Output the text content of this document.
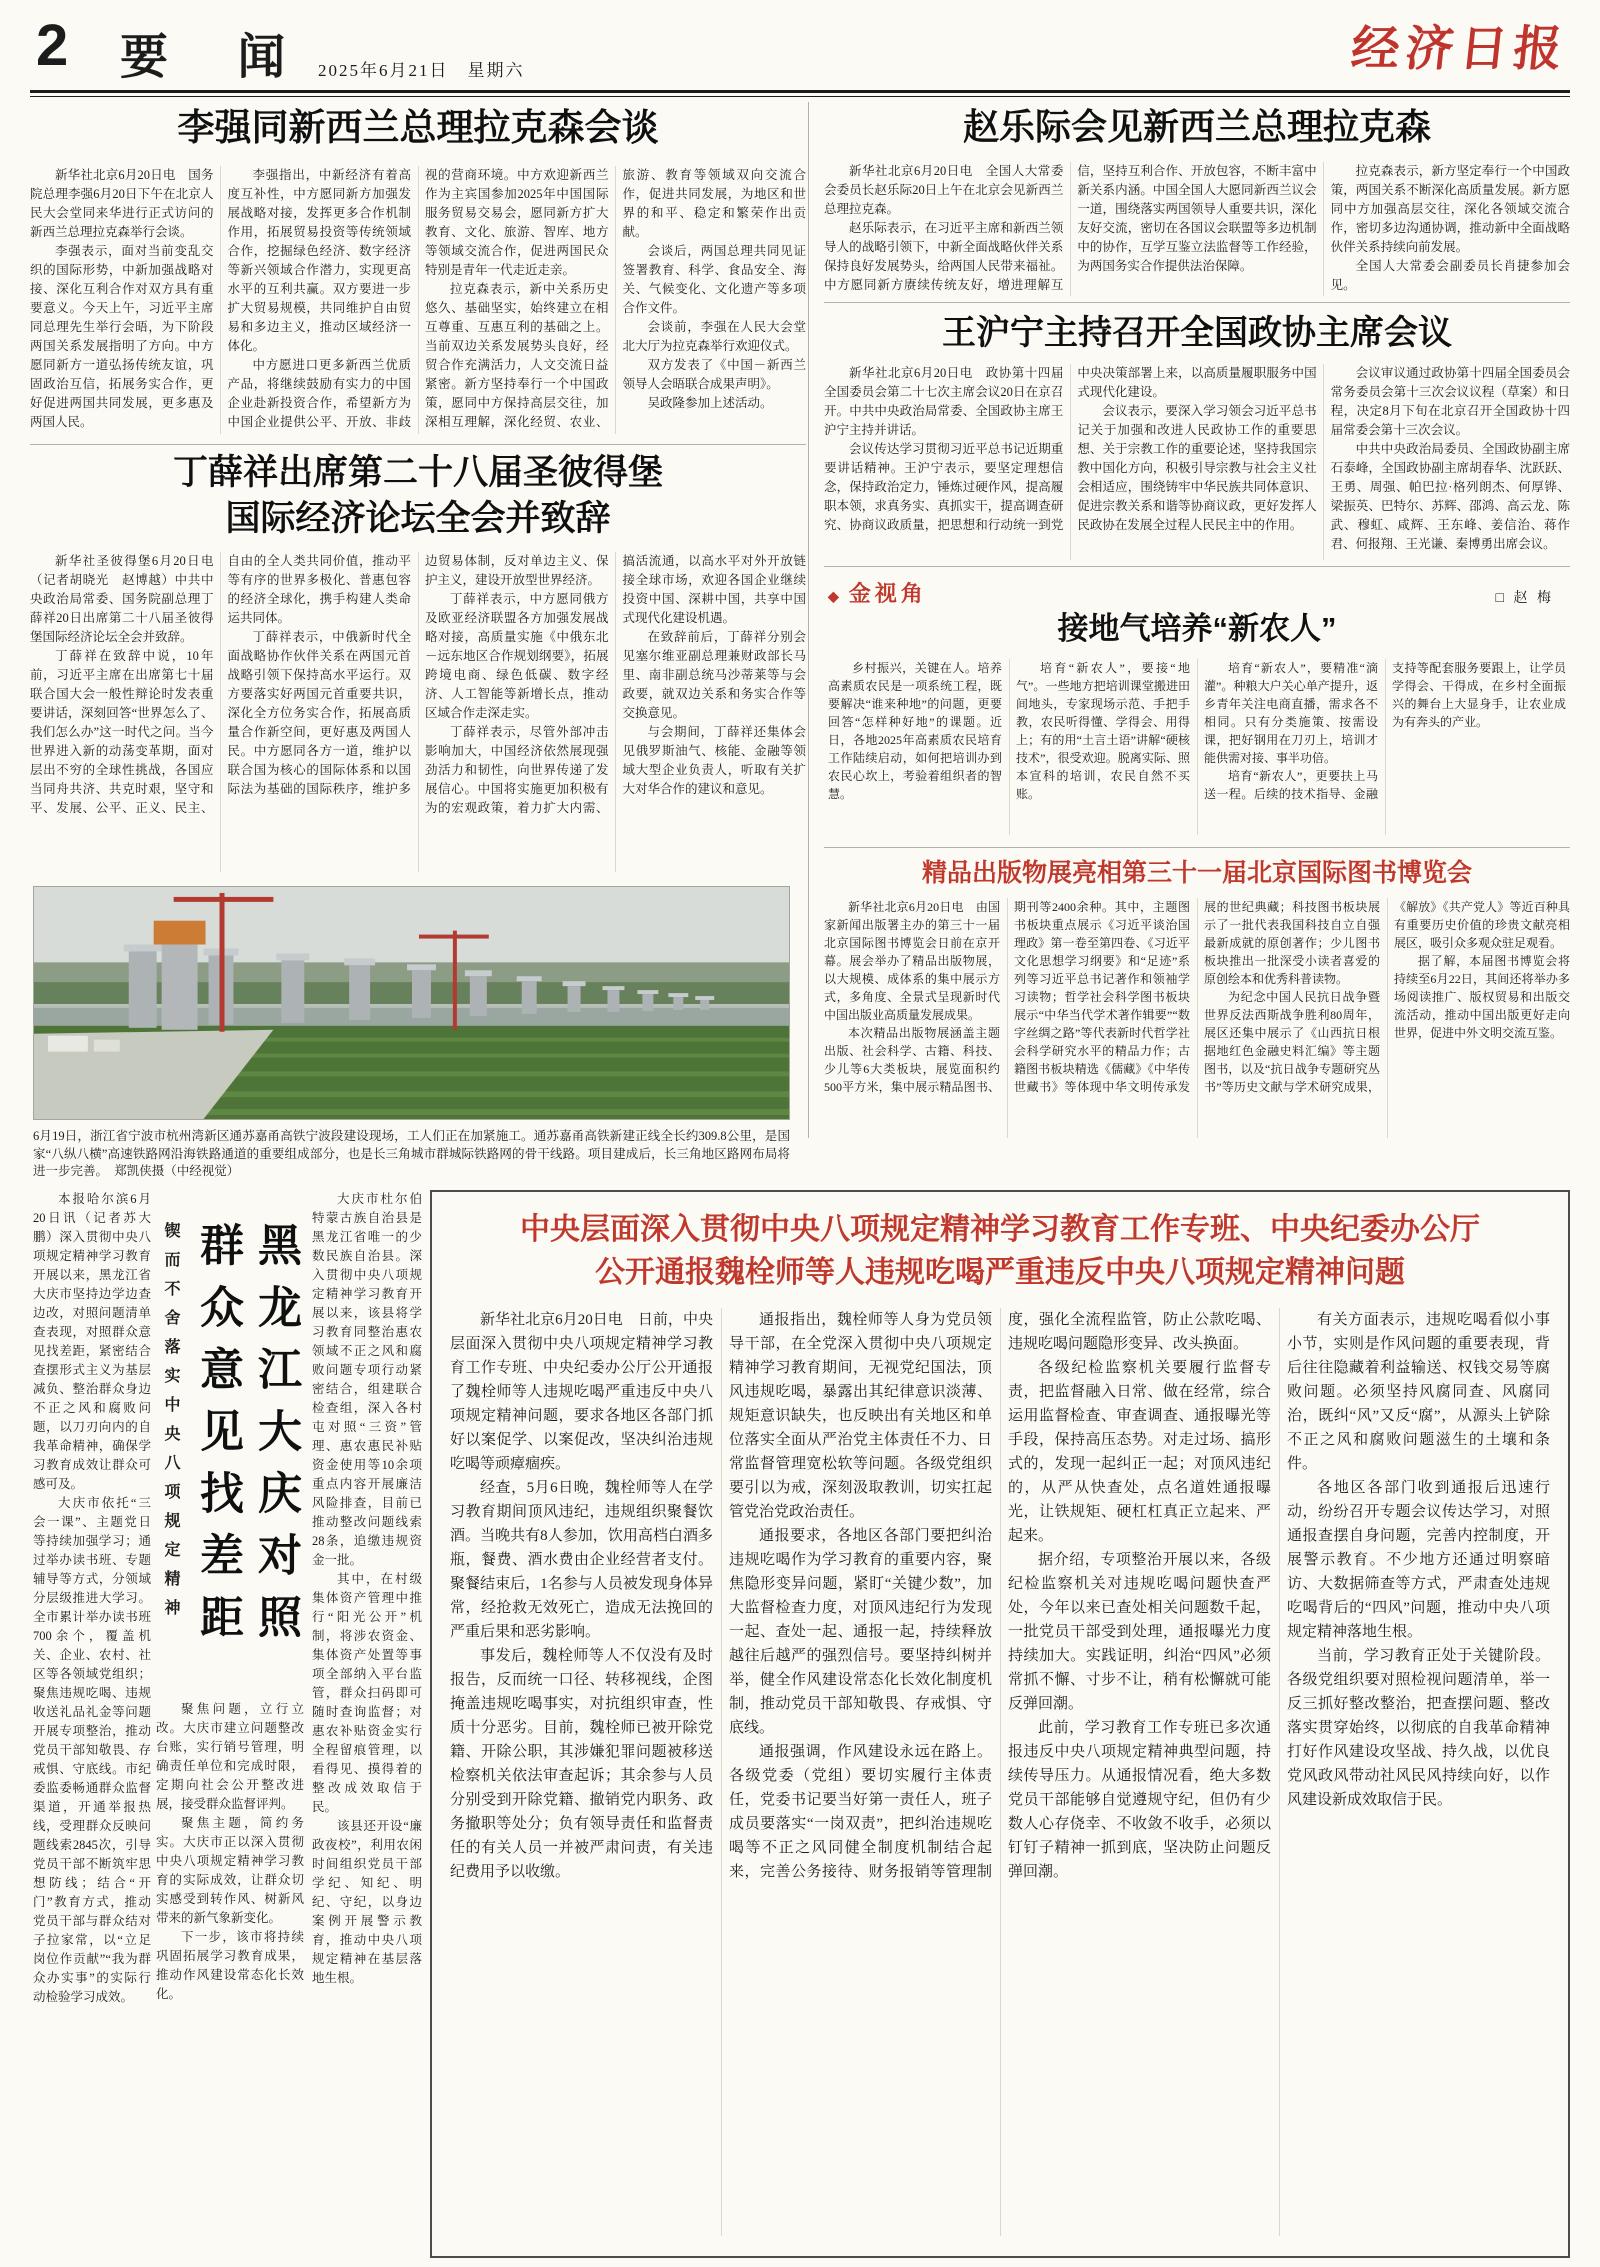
2 要 闻 2025年6月21日　星期六	经济日报
李强同新西兰总理拉克森会谈

新华社北京6月20日电　国务院总理李强6月20日下午在北京人民大会堂同来华进行正式访问的新西兰总理拉克森举行会谈。

李强表示，面对当前变乱交织的国际形势，中新加强战略对接、深化互利合作对双方具有重要意义。今天上午，习近平主席同总理先生举行会晤，为下阶段两国关系发展指明了方向。中方愿同新方一道弘扬传统友谊，巩固政治互信，拓展务实合作，更好促进两国共同发展，更多惠及两国人民。

李强指出，中新经济有着高度互补性，中方愿同新方加强发展战略对接，发挥更多合作机制作用，拓展贸易投资等传统领域合作，挖掘绿色经济、数字经济等新兴领域合作潜力，实现更高水平的互利共赢。双方要进一步扩大贸易规模，共同维护自由贸易和多边主义，推动区域经济一体化。

中方愿进口更多新西兰优质产品，将继续鼓励有实力的中国企业赴新投资合作，希望新方为中国企业提供公平、开放、非歧视的营商环境。中方欢迎新西兰作为主宾国参加2025年中国国际服务贸易交易会，愿同新方扩大教育、文化、旅游、智库、地方等领域交流合作，促进两国民众特别是青年一代走近走亲。

拉克森表示，新中关系历史悠久、基础坚实，始终建立在相互尊重、互惠互利的基础之上。当前双边关系发展势头良好，经贸合作充满活力，人文交流日益紧密。新方坚持奉行一个中国政策，愿同中方保持高层交往，加深相互理解，深化经贸、农业、旅游、教育等领域双向交流合作，促进共同发展，为地区和世界的和平、稳定和繁荣作出贡献。

会谈后，两国总理共同见证签署教育、科学、食品安全、海关、气候变化、文化遗产等多项合作文件。

会谈前，李强在人民大会堂北大厅为拉克森举行欢迎仪式。

双方发表了《中国－新西兰领导人会晤联合成果声明》。

吴政隆参加上述活动。

赵乐际会见新西兰总理拉克森

新华社北京6月20日电　全国人大常委会委员长赵乐际20日上午在北京会见新西兰总理拉克森。

赵乐际表示，在习近平主席和新西兰领导人的战略引领下，中新全面战略伙伴关系保持良好发展势头，给两国人民带来福祉。中方愿同新方赓续传统友好，增进理解互信，坚持互利合作、开放包容，不断丰富中新关系内涵。中国全国人大愿同新西兰议会一道，围绕落实两国领导人重要共识，深化友好交流，密切在各国议会联盟等多边机制中的协作，互学互鉴立法监督等工作经验，为两国务实合作提供法治保障。

拉克森表示，新方坚定奉行一个中国政策，两国关系不断深化高质量发展。新方愿同中方加强高层交往，深化各领域交流合作，密切多边沟通协调，推动新中全面战略伙伴关系持续向前发展。

全国人大常委会副委员长肖捷参加会见。

王沪宁主持召开全国政协主席会议

新华社北京6月20日电　政协第十四届全国委员会第二十七次主席会议20日在京召开。中共中央政治局常委、全国政协主席王沪宁主持并讲话。

会议传达学习贯彻习近平总书记近期重要讲话精神。王沪宁表示，要坚定理想信念，保持政治定力，锤炼过硬作风，提高履职本领，求真务实、真抓实干，提高调查研究、协商议政质量，把思想和行动统一到党中央决策部署上来，以高质量履职服务中国式现代化建设。

会议表示，要深入学习领会习近平总书记关于加强和改进人民政协工作的重要思想、关于宗教工作的重要论述，坚持我国宗教中国化方向，积极引导宗教与社会主义社会相适应，围绕铸牢中华民族共同体意识、促进宗教关系和谐等协商议政，更好发挥人民政协在发展全过程人民民主中的作用。

会议审议通过政协第十四届全国委员会常务委员会第十三次会议议程（草案）和日程，决定8月下旬在北京召开全国政协十四届常委会第十三次会议。

中共中央政治局委员、全国政协副主席石泰峰，全国政协副主席胡春华、沈跃跃、王勇、周强、帕巴拉·格列朗杰、何厚铧、梁振英、巴特尔、苏辉、邵鸿、高云龙、陈武、穆虹、咸辉、王东峰、姜信治、蒋作君、何报翔、王光谦、秦博勇出席会议。

◆ 金视角	□ 赵 梅
接地气培养“新农人”

乡村振兴，关键在人。培养高素质农民是一项系统工程，既要解决“谁来种地”的问题，更要回答“怎样种好地”的课题。近日，各地2025年高素质农民培育工作陆续启动，如何把培训办到农民心坎上，考验着组织者的智慧。

培育“新农人”，要接“地气”。一些地方把培训课堂搬进田间地头，专家现场示范、手把手教，农民听得懂、学得会、用得上；有的用“土言土语”讲解“硬核技术”，很受欢迎。脱离实际、照本宣科的培训，农民自然不买账。

培育“新农人”，要精准“滴灌”。种粮大户关心单产提升，返乡青年关注电商直播，需求各不相同。只有分类施策、按需设课，把好钢用在刀刃上，培训才能供需对接、事半功倍。

培育“新农人”，更要扶上马送一程。后续的技术指导、金融支持等配套服务要跟上，让学员学得会、干得成，在乡村全面振兴的舞台上大显身手，让农业成为有奔头的产业。

精品出版物展亮相第三十一届北京国际图书博览会

新华社北京6月20日电　由国家新闻出版署主办的第三十一届北京国际图书博览会日前在京开幕。展会举办了精品出版物展，以大规模、成体系的集中展示方式，多角度、全景式呈现新时代中国出版业高质量发展成果。

本次精品出版物展涵盖主题出版、社会科学、古籍、科技、少儿等6大类板块，展览面积约500平方米，集中展示精品图书、期刊等2400余种。其中，主题图书板块重点展示《习近平谈治国理政》第一卷至第四卷、《习近平文化思想学习纲要》和“足迹”系列等习近平总书记著作和领袖学习读物；哲学社会科学图书板块展示“中华当代学术著作辑要”“数字丝绸之路”等代表新时代哲学社会科学研究水平的精品力作；古籍图书板块精选《儒藏》《中华传世藏书》等体现中华文明传承发展的世纪典藏；科技图书板块展示了一批代表我国科技自立自强最新成就的原创著作；少儿图书板块推出一批深受小读者喜爱的原创绘本和优秀科普读物。

为纪念中国人民抗日战争暨世界反法西斯战争胜利80周年，展区还集中展示了《山西抗日根据地红色金融史料汇编》等主题图书，以及“抗日战争专题研究丛书”等历史文献与学术研究成果，《解放》《共产党人》等近百种具有重要历史价值的珍贵文献亮相展区，吸引众多观众驻足观看。

据了解，本届图书博览会将持续至6月22日，其间还将举办多场阅读推广、版权贸易和出版交流活动，推动中国出版更好走向世界，促进中外文明交流互鉴。

丁薛祥出席第二十八届圣彼得堡
国际经济论坛全会并致辞

新华社圣彼得堡6月20日电（记者胡晓光　赵博越）中共中央政治局常委、国务院副总理丁薛祥20日出席第二十八届圣彼得堡国际经济论坛全会并致辞。

丁薛祥在致辞中说，10年前，习近平主席在出席第七十届联合国大会一般性辩论时发表重要讲话，深刻回答“世界怎么了、我们怎么办”这一时代之问。当今世界进入新的动荡变革期，面对层出不穷的全球性挑战，各国应当同舟共济、共克时艰，坚守和平、发展、公平、正义、民主、自由的全人类共同价值，推动平等有序的世界多极化、普惠包容的经济全球化，携手构建人类命运共同体。

丁薛祥表示，中俄新时代全面战略协作伙伴关系在两国元首战略引领下保持高水平运行。双方要落实好两国元首重要共识，深化全方位务实合作，拓展高质量合作新空间，更好惠及两国人民。中方愿同各方一道，维护以联合国为核心的国际体系和以国际法为基础的国际秩序，维护多边贸易体制，反对单边主义、保护主义，建设开放型世界经济。

丁薛祥表示，中方愿同俄方及欧亚经济联盟各方加强发展战略对接，高质量实施《中俄东北－远东地区合作规划纲要》，拓展跨境电商、绿色低碳、数字经济、人工智能等新增长点，推动区域合作走深走实。

丁薛祥表示，尽管外部冲击影响加大，中国经济依然展现强劲活力和韧性，向世界传递了发展信心。中国将实施更加积极有为的宏观政策，着力扩大内需、搞活流通，以高水平对外开放链接全球市场，欢迎各国企业继续投资中国、深耕中国，共享中国式现代化建设机遇。

在致辞前后，丁薛祥分别会见塞尔维亚副总理兼财政部长马里、南非副总统马沙蒂莱等与会政要，就双边关系和务实合作等交换意见。

与会期间，丁薛祥还集体会见俄罗斯油气、核能、金融等领域大型企业负责人，听取有关扩大对华合作的建议和意见。

6月19日，浙江省宁波市杭州湾新区通苏嘉甬高铁宁波段建设现场，工人们正在加紧施工。通苏嘉甬高铁新建正线全长约309.8公里，是国家“八纵八横”高速铁路网沿海铁路通道的重要组成部分，也是长三角城市群城际铁路网的骨干线路。项目建成后，长三角地区路网布局将进一步完善。　郑凯侠摄（中经视觉）

本报哈尔滨6月20日讯（记者苏大鹏）深入贯彻中央八项规定精神学习教育开展以来，黑龙江省大庆市坚持边学边查边改，对照问题清单查表现，对照群众意见找差距，紧密结合查摆形式主义为基层减负、整治群众身边不正之风和腐败问题，以刀刃向内的自我革命精神，确保学习教育成效让群众可感可及。

大庆市依托“三会一课”、主题党日等持续加强学习；通过举办读书班、专题辅导等方式，分领域分层级推进大学习。全市累计举办读书班700余个，覆盖机关、企业、农村、社区等各领域党组织；聚焦违规吃喝、违规收送礼品礼金等问题开展专项整治，推动党员干部知敬畏、存戒惧、守底线。市纪委监委畅通群众监督渠道，开通举报热线，受理群众反映问题线索2845次，引导党员干部不断筑牢思想防线；结合“开门”教育方式，推动党员干部与群众结对子拉家常，以“立足岗位作贡献”“我为群众办实事”的实际行动检验学习成效。

锲而不舍落实中央八项规定精神	黑龙江大庆对照群众意见找差距

聚焦问题，立行立改。大庆市建立问题整改台账，实行销号管理，明确责任单位和完成时限，定期向社会公开整改进展，接受群众监督评判。

聚焦主题，简约务实。大庆市正以深入贯彻中央八项规定精神学习教育的实际成效，让群众切实感受到转作风、树新风带来的新气象新变化。

下一步，该市将持续巩固拓展学习教育成果，推动作风建设常态化长效化。

大庆市杜尔伯特蒙古族自治县是黑龙江省唯一的少数民族自治县。深入贯彻中央八项规定精神学习教育开展以来，该县将学习教育同整治惠农领域不正之风和腐败问题专项行动紧密结合，组建联合检查组，深入各村屯对照“三资”管理、惠农惠民补贴资金使用等10余项重点内容开展廉洁风险排查，目前已推动整改问题线索28条，追缴违规资金一批。

其中，在村级集体资产管理中推行“阳光公开”机制，将涉农资金、集体资产处置等事项全部纳入平台监管，群众扫码即可随时查询监督；对惠农补贴资金实行全程留痕管理，以看得见、摸得着的整改成效取信于民。

该县还开设“廉政夜校”，利用农闲时间组织党员干部学纪、知纪、明纪、守纪，以身边案例开展警示教育，推动中央八项规定精神在基层落地生根。

中央层面深入贯彻中央八项规定精神学习教育工作专班、中央纪委办公厅
公开通报魏栓师等人违规吃喝严重违反中央八项规定精神问题

新华社北京6月20日电　日前，中央层面深入贯彻中央八项规定精神学习教育工作专班、中央纪委办公厅公开通报了魏栓师等人违规吃喝严重违反中央八项规定精神问题，要求各地区各部门抓好以案促学、以案促改，坚决纠治违规吃喝等顽瘴痼疾。

经查，5月6日晚，魏栓师等人在学习教育期间顶风违纪，违规组织聚餐饮酒。当晚共有8人参加，饮用高档白酒多瓶，餐费、酒水费由企业经营者支付。聚餐结束后，1名参与人员被发现身体异常，经抢救无效死亡，造成无法挽回的严重后果和恶劣影响。

事发后，魏栓师等人不仅没有及时报告，反而统一口径、转移视线，企图掩盖违规吃喝事实，对抗组织审查，性质十分恶劣。目前，魏栓师已被开除党籍、开除公职，其涉嫌犯罪问题被移送检察机关依法审查起诉；其余参与人员分别受到开除党籍、撤销党内职务、政务撤职等处分；负有领导责任和监督责任的有关人员一并被严肃问责，有关违纪费用予以收缴。

通报指出，魏栓师等人身为党员领导干部，在全党深入贯彻中央八项规定精神学习教育期间，无视党纪国法，顶风违规吃喝，暴露出其纪律意识淡薄、规矩意识缺失，也反映出有关地区和单位落实全面从严治党主体责任不力、日常监督管理宽松软等问题。各级党组织要引以为戒，深刻汲取教训，切实扛起管党治党政治责任。

通报要求，各地区各部门要把纠治违规吃喝作为学习教育的重要内容，聚焦隐形变异问题，紧盯“关键少数”，加大监督检查力度，对顶风违纪行为发现一起、查处一起、通报一起，持续释放越往后越严的强烈信号。要坚持纠树并举，健全作风建设常态化长效化制度机制，推动党员干部知敬畏、存戒惧、守底线。

通报强调，作风建设永远在路上。各级党委（党组）要切实履行主体责任，党委书记要当好第一责任人，班子成员要落实“一岗双责”，把纠治违规吃喝等不正之风同健全制度机制结合起来，完善公务接待、财务报销等管理制度，强化全流程监管，防止公款吃喝、违规吃喝问题隐形变异、改头换面。

各级纪检监察机关要履行监督专责，把监督融入日常、做在经常，综合运用监督检查、审查调查、通报曝光等手段，保持高压态势。对走过场、搞形式的，发现一起纠正一起；对顶风违纪的，从严从快查处，点名道姓通报曝光，让铁规矩、硬杠杠真正立起来、严起来。

据介绍，专项整治开展以来，各级纪检监察机关对违规吃喝问题快查严处，今年以来已查处相关问题数千起，一批党员干部受到处理，通报曝光力度持续加大。实践证明，纠治“四风”必须常抓不懈、寸步不让，稍有松懈就可能反弹回潮。

此前，学习教育工作专班已多次通报违反中央八项规定精神典型问题，持续传导压力。从通报情况看，绝大多数党员干部能够自觉遵规守纪，但仍有少数人心存侥幸、不收敛不收手，必须以钉钉子精神一抓到底，坚决防止问题反弹回潮。

有关方面表示，违规吃喝看似小事小节，实则是作风问题的重要表现，背后往往隐藏着利益输送、权钱交易等腐败问题。必须坚持风腐同查、风腐同治，既纠“风”又反“腐”，从源头上铲除不正之风和腐败问题滋生的土壤和条件。

各地区各部门收到通报后迅速行动，纷纷召开专题会议传达学习，对照通报查摆自身问题，完善内控制度，开展警示教育。不少地方还通过明察暗访、大数据筛查等方式，严肃查处违规吃喝背后的“四风”问题，推动中央八项规定精神落地生根。

当前，学习教育正处于关键阶段。各级党组织要对照检视问题清单，举一反三抓好整改整治，把查摆问题、整改落实贯穿始终，以彻底的自我革命精神打好作风建设攻坚战、持久战，以优良党风政风带动社风民风持续向好，以作风建设新成效取信于民。
